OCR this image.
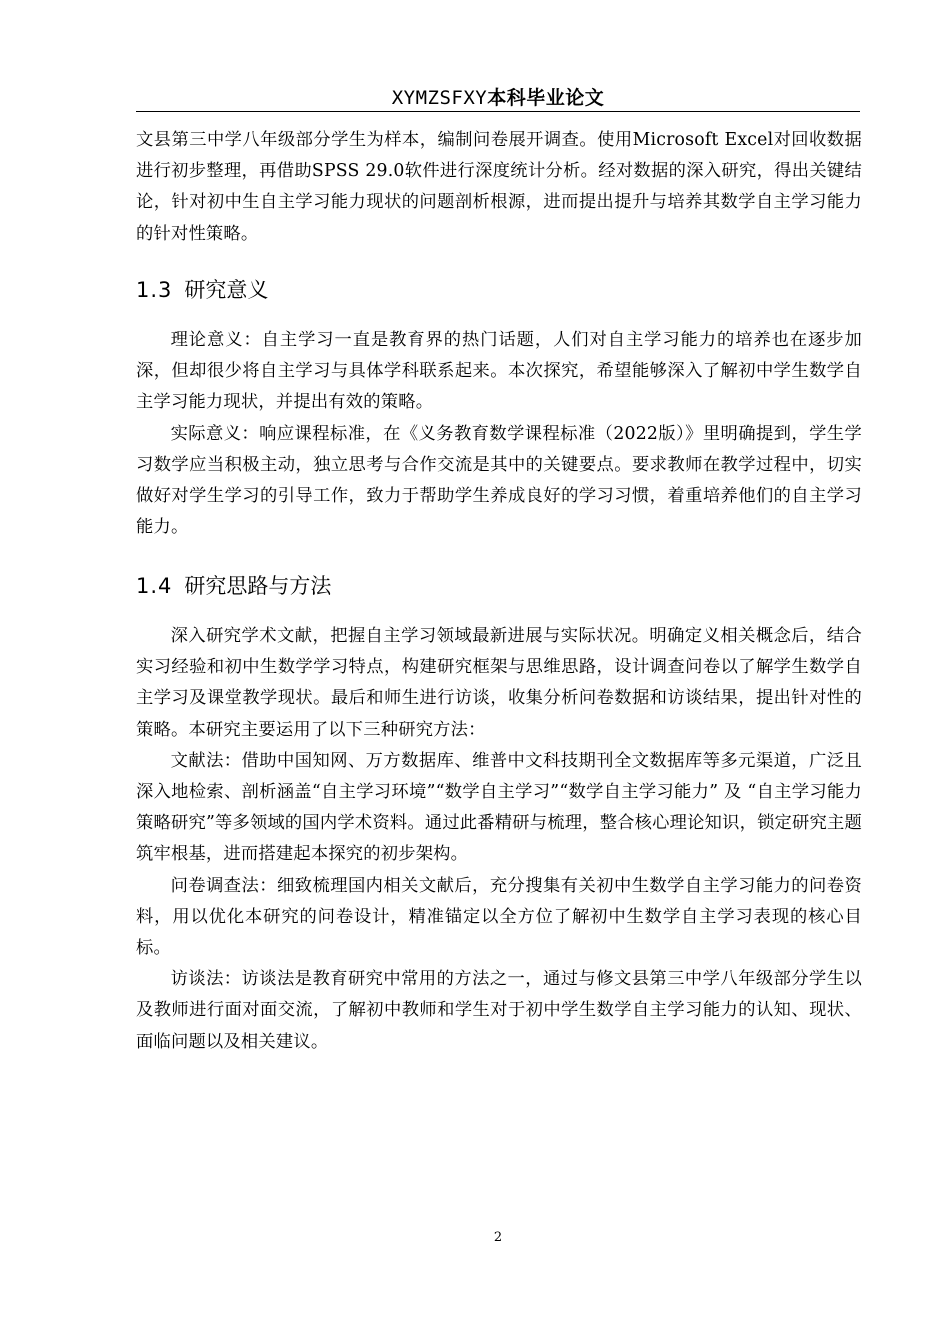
XYMZSFXY本科毕业论文

文县第三中学八年级部分学生为样本，编制问卷展开调查。使用Microsoft Excel对回收数据进行初步整理，再借助SPSS 29.0软件进行深度统计分析。经对数据的深入研究，得出关键结论，针对初中生自主学习能力现状的问题剖析根源，进而提出提升与培养其数学自主学习能力的针对性策略。

1.3 研究意义

理论意义：自主学习一直是教育界的热门话题，人们对自主学习能力的培养也在逐步加深，但却很少将自主学习与具体学科联系起来。本次探究，希望能够深入了解初中学生数学自主学习能力现状，并提出有效的策略。

实际意义：响应课程标准，在《义务教育数学课程标准（2022版）》里明确提到，学生学习数学应当积极主动，独立思考与合作交流是其中的关键要点。要求教师在教学过程中，切实做好对学生学习的引导工作，致力于帮助学生养成良好的学习习惯，着重培养他们的自主学习能力。

1.4 研究思路与方法

深入研究学术文献，把握自主学习领域最新进展与实际状况。明确定义相关概念后，结合实习经验和初中生数学学习特点，构建研究框架与思维思路，设计调查问卷以了解学生数学自主学习及课堂教学现状。最后和师生进行访谈，收集分析问卷数据和访谈结果，提出针对性的策略。本研究主要运用了以下三种研究方法：

文献法：借助中国知网、万方数据库、维普中文科技期刊全文数据库等多元渠道，广泛且深入地检索、剖析涵盖“自主学习环境”“数学自主学习”“数学自主学习能力” 及 “自主学习能力策略研究”等多领域的国内学术资料。通过此番精研与梳理，整合核心理论知识，锁定研究主题筑牢根基，进而搭建起本探究的初步架构。

问卷调查法：细致梳理国内相关文献后，充分搜集有关初中生数学自主学习能力的问卷资料，用以优化本研究的问卷设计，精准锚定以全方位了解初中生数学自主学习表现的核心目标。

访谈法：访谈法是教育研究中常用的方法之一，通过与修文县第三中学八年级部分学生以及教师进行面对面交流，了解初中教师和学生对于初中学生数学自主学习能力的认知、现状、面临问题以及相关建议。

2
